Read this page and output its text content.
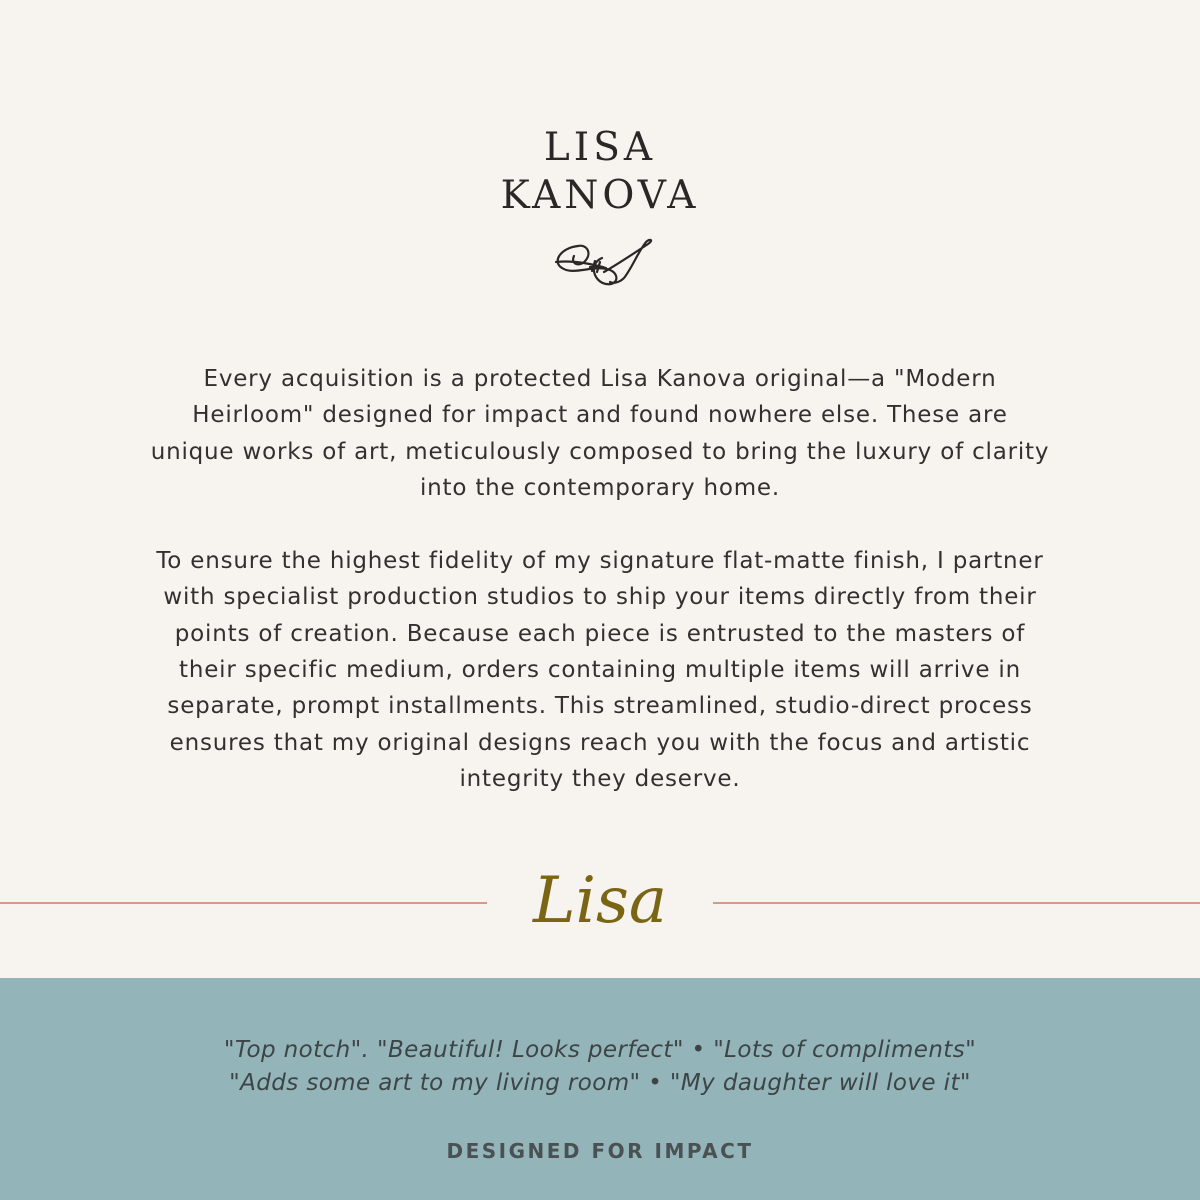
LISA
KANOVA

Every acquisition is a protected Lisa Kanova original—a "Modern Heirloom" designed for impact and found nowhere else. These are unique works of art, meticulously composed to bring the luxury of clarity into the contemporary home.

To ensure the highest fidelity of my signature flat-matte finish, I partner with specialist production studios to ship your items directly from their points of creation. Because each piece is entrusted to the masters of their specific medium, orders containing multiple items will arrive in separate, prompt installments. This streamlined, studio-direct process ensures that my original designs reach you with the focus and artistic integrity they deserve.

Lisa
"Top notch". "Beautiful! Looks perfect" • "Lots of compliments"
"Adds some art to my living room" • "My daughter will love it"
DESIGNED FOR IMPACT
